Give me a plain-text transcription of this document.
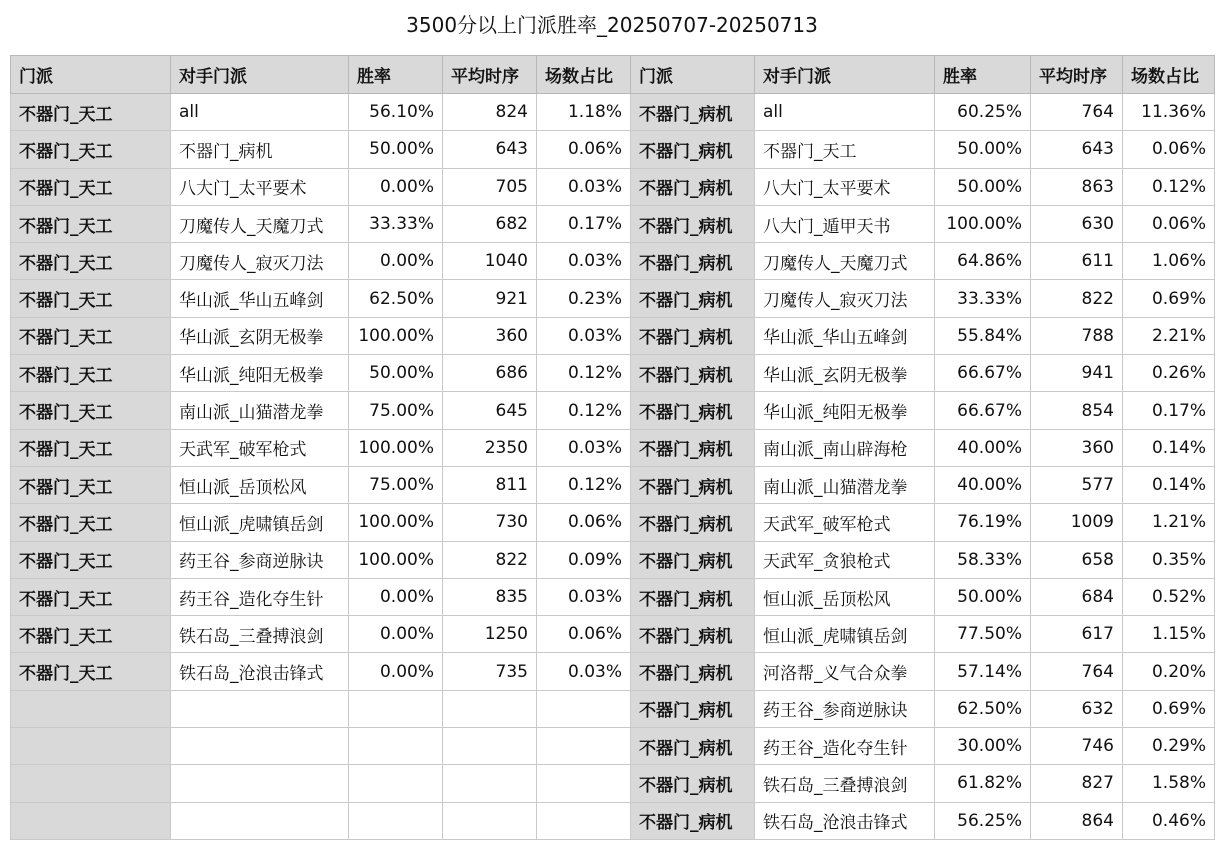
3500分以上门派胜率_20250707-20250713
门派	对手门派	胜率	平均时序	场数占比	门派	对手门派	胜率	平均时序	场数占比
不器门_天工	all	56.10%	824	1.18%	不器门_病机	all	60.25%	764	11.36%
不器门_天工	不器门_病机	50.00%	643	0.06%	不器门_病机	不器门_天工	50.00%	643	0.06%
不器门_天工	八大门_太平要术	0.00%	705	0.03%	不器门_病机	八大门_太平要术	50.00%	863	0.12%
不器门_天工	刀魔传人_天魔刀式	33.33%	682	0.17%	不器门_病机	八大门_遁甲天书	100.00%	630	0.06%
不器门_天工	刀魔传人_寂灭刀法	0.00%	1040	0.03%	不器门_病机	刀魔传人_天魔刀式	64.86%	611	1.06%
不器门_天工	华山派_华山五峰剑	62.50%	921	0.23%	不器门_病机	刀魔传人_寂灭刀法	33.33%	822	0.69%
不器门_天工	华山派_玄阴无极拳	100.00%	360	0.03%	不器门_病机	华山派_华山五峰剑	55.84%	788	2.21%
不器门_天工	华山派_纯阳无极拳	50.00%	686	0.12%	不器门_病机	华山派_玄阴无极拳	66.67%	941	0.26%
不器门_天工	南山派_山猫潜龙拳	75.00%	645	0.12%	不器门_病机	华山派_纯阳无极拳	66.67%	854	0.17%
不器门_天工	天武军_破军枪式	100.00%	2350	0.03%	不器门_病机	南山派_南山辟海枪	40.00%	360	0.14%
不器门_天工	恒山派_岳顶松风	75.00%	811	0.12%	不器门_病机	南山派_山猫潜龙拳	40.00%	577	0.14%
不器门_天工	恒山派_虎啸镇岳剑	100.00%	730	0.06%	不器门_病机	天武军_破军枪式	76.19%	1009	1.21%
不器门_天工	药王谷_参商逆脉诀	100.00%	822	0.09%	不器门_病机	天武军_贪狼枪式	58.33%	658	0.35%
不器门_天工	药王谷_造化夺生针	0.00%	835	0.03%	不器门_病机	恒山派_岳顶松风	50.00%	684	0.52%
不器门_天工	铁石岛_三叠搏浪剑	0.00%	1250	0.06%	不器门_病机	恒山派_虎啸镇岳剑	77.50%	617	1.15%
不器门_天工	铁石岛_沧浪击锋式	0.00%	735	0.03%	不器门_病机	河洛帮_义气合众拳	57.14%	764	0.20%
					不器门_病机	药王谷_参商逆脉诀	62.50%	632	0.69%
					不器门_病机	药王谷_造化夺生针	30.00%	746	0.29%
					不器门_病机	铁石岛_三叠搏浪剑	61.82%	827	1.58%
					不器门_病机	铁石岛_沧浪击锋式	56.25%	864	0.46%
